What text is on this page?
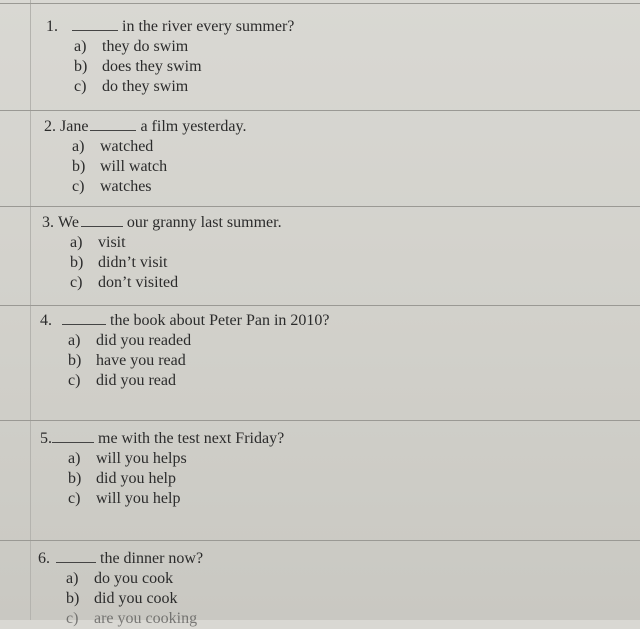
1.	in the river every summer?
a) they do swim
b) does they swim
c) do they swim
2. Jane	a film yesterday.
a) watched
b) will watch
c) watches
3. We	our granny last summer.
a) visit
b) didn’t visit
c) don’t visited
4.	the book about Peter Pan in 2010?
a) did you readed
b) have you read
c) did you read
5.	me with the test next Friday?
a) will you helps
b) did you help
c) will you help
6.	the dinner now?
a) do you cook
b) did you cook
c) are you cooking
